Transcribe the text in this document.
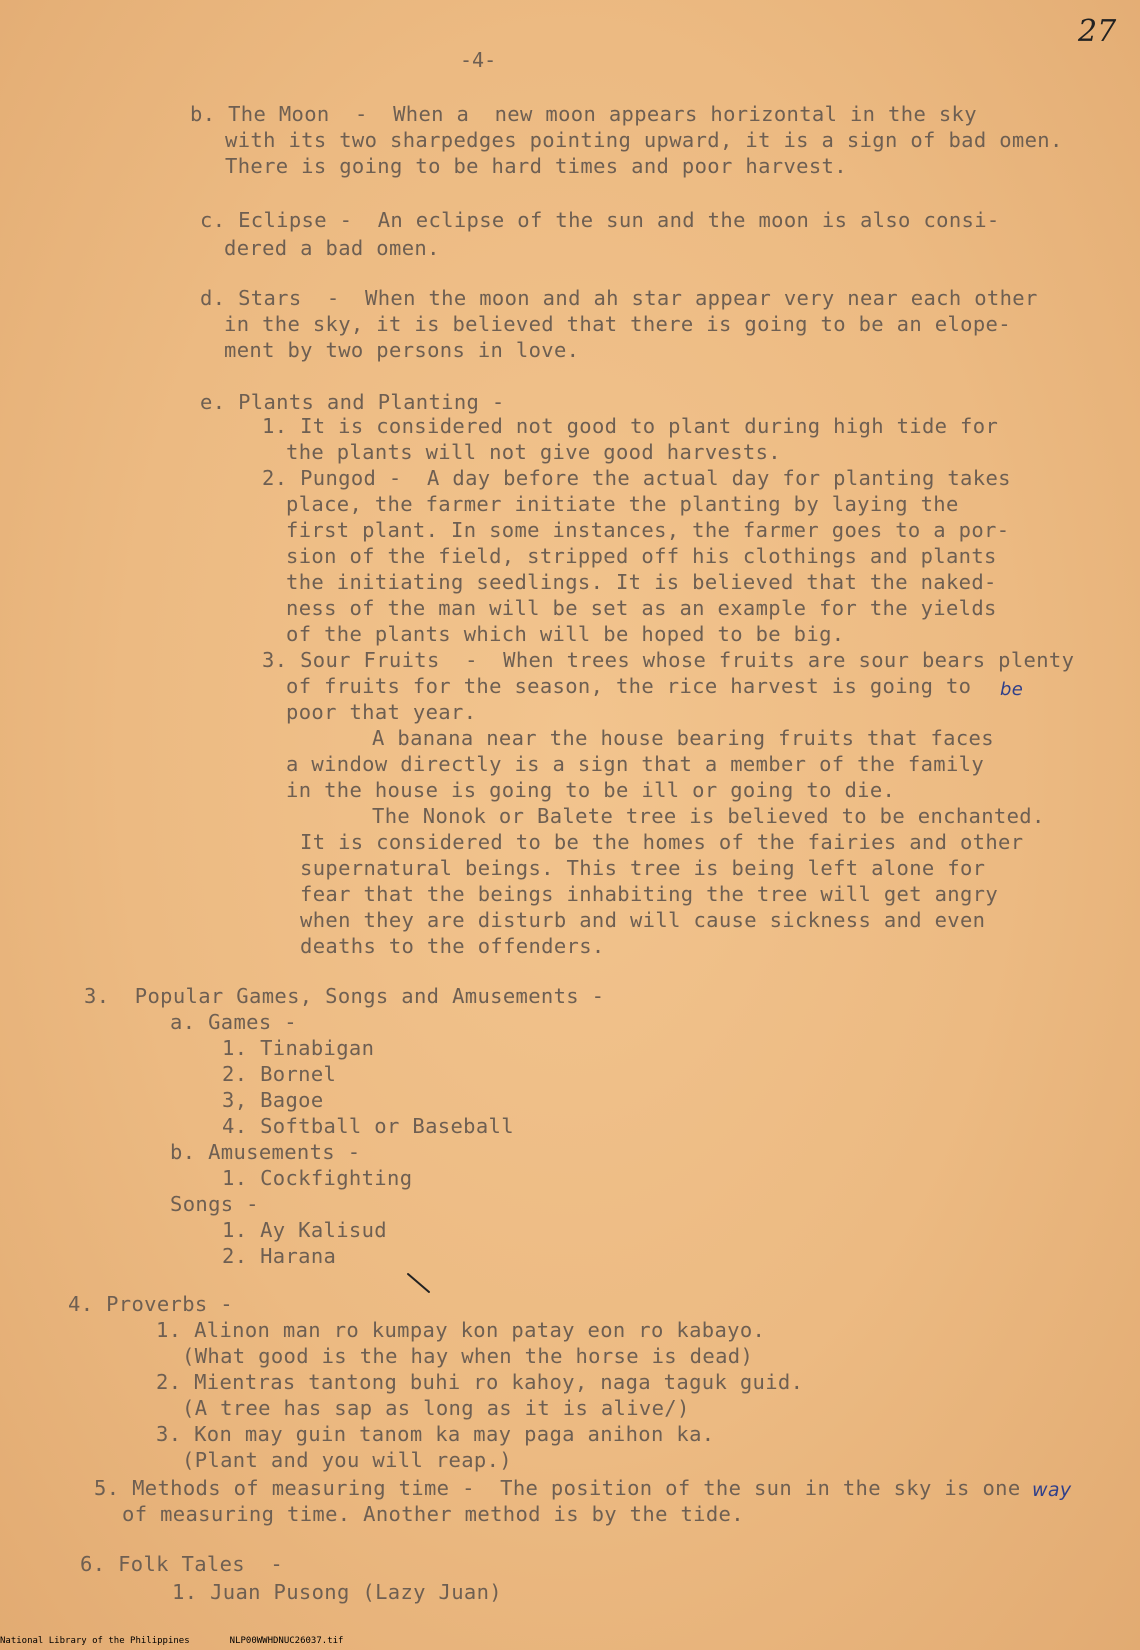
-4-
27
b. The Moon  -  When a  new moon appears horizontal in the sky
with its two sharpedges pointing upward, it is a sign of bad omen.
There is going to be hard times and poor harvest.
c. Eclipse -  An eclipse of the sun and the moon is also consi-
dered a bad omen.
d. Stars  -  When the moon and ah star appear very near each other
in the sky, it is believed that there is going to be an elope-
ment by two persons in love.
e. Plants and Planting -
1. It is considered not good to plant during high tide for
the plants will not give good harvests.
2. Pungod -  A day before the actual day for planting takes
place, the farmer initiate the planting by laying the
first plant. In some instances, the farmer goes to a por-
sion of the field, stripped off his clothings and plants
the initiating seedlings. It is believed that the naked-
ness of the man will be set as an example for the yields
of the plants which will be hoped to be big.
3. Sour Fruits  -  When trees whose fruits are sour bears plenty
of fruits for the season, the rice harvest is going to be
poor that year.
A banana near the house bearing fruits that faces
a window directly is a sign that a member of the family
in the house is going to be ill or going to die.
The Nonok or Balete tree is believed to be enchanted.
It is considered to be the homes of the fairies and other
supernatural beings. This tree is being left alone for
fear that the beings inhabiting the tree will get angry
when they are disturb and will cause sickness and even
deaths to the offenders.
3.  Popular Games, Songs and Amusements -
a. Games -
1. Tinabigan
2. Bornel
3, Bagoe
4. Softball or Baseball
b. Amusements -
1. Cockfighting
Songs -
1. Ay Kalisud
2. Harana
4. Proverbs -
1. Alinon man ro kumpay kon patay eon ro kabayo.
(What good is the hay when the horse is dead)
2. Mientras tantong buhi ro kahoy, naga taguk guid.
(A tree has sap as long as it is alive/)
3. Kon may guin tanom ka may paga anihon ka.
(Plant and you will reap.)
5. Methods of measuring time -  The position of the sun in the sky is one way
of measuring time. Another method is by the tide.
6. Folk Tales  -
1. Juan Pusong (Lazy Juan)
National Library of the Philippines	NLP00WWHDNUC26037.tif
